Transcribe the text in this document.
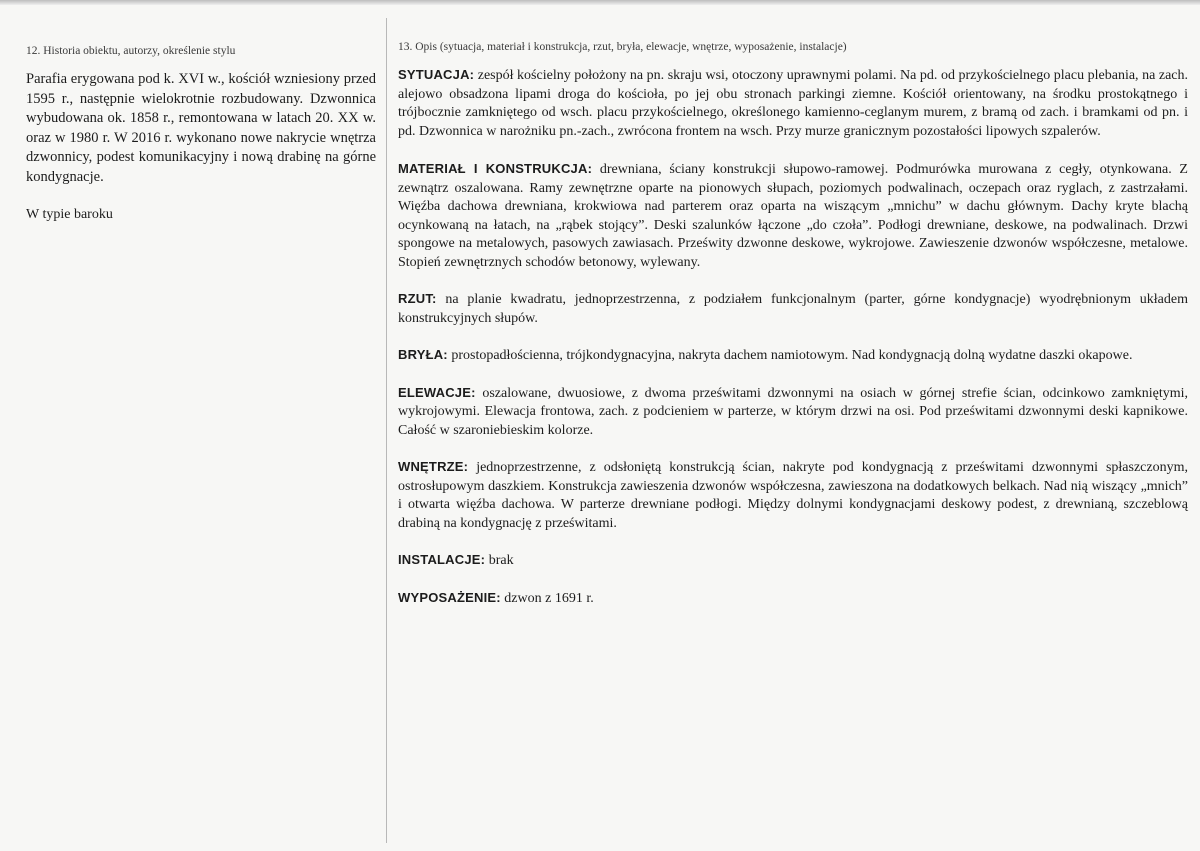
12. Historia obiektu, autorzy, określenie stylu

Parafia erygowana pod k. XVI w., kościół wzniesiony przed 1595 r., następnie wielokrotnie rozbudowany. Dzwonnica wybudowana ok. 1858 r., remontowana w latach 20. XX w. oraz w 1980 r. W 2016 r. wykonano nowe nakrycie wnętrza dzwonnicy, podest komunikacyjny i nową drabinę na górne kondygnacje.

W typie baroku

13. Opis (sytuacja, materiał i konstrukcja, rzut, bryła, elewacje, wnętrze, wyposażenie, instalacje)

SYTUACJA: zespół kościelny położony na pn. skraju wsi, otoczony uprawnymi polami. Na pd. od przykościelnego placu plebania, na zach. alejowo obsadzona lipami droga do kościoła, po jej obu stronach parkingi ziemne. Kościół orientowany, na środku prostokątnego i trójbocznie zamkniętego od wsch. placu przykościelnego, określonego kamienno-ceglanym murem, z bramą od zach. i bramkami od pn. i pd. Dzwonnica w narożniku pn.-zach., zwrócona frontem na wsch. Przy murze granicznym pozostałości lipowych szpalerów.

MATERIAŁ I KONSTRUKCJA: drewniana, ściany konstrukcji słupowo-ramowej. Podmurówka murowana z cegły, otynkowana. Z zewnątrz oszalowana. Ramy zewnętrzne oparte na pionowych słupach, poziomych podwalinach, oczepach oraz ryglach, z zastrzałami. Więźba dachowa drewniana, krokwiowa nad parterem oraz oparta na wiszącym „mnichu” w dachu głównym. Dachy kryte blachą ocynkowaną na łatach, na „rąbek stojący”. Deski szalunków łączone „do czoła”. Podłogi drewniane, deskowe, na podwalinach. Drzwi spongowe na metalowych, pasowych zawiasach. Prześwity dzwonne deskowe, wykrojowe. Zawieszenie dzwonów współczesne, metalowe. Stopień zewnętrznych schodów betonowy, wylewany.

RZUT: na planie kwadratu, jednoprzestrzenna, z podziałem funkcjonalnym (parter, górne kondygnacje) wyodrębnionym układem konstrukcyjnych słupów.

BRYŁA: prostopadłościenna, trójkondygnacyjna, nakryta dachem namiotowym. Nad kondygnacją dolną wydatne daszki okapowe.

ELEWACJE: oszalowane, dwuosiowe, z dwoma prześwitami dzwonnymi na osiach w górnej strefie ścian, odcinkowo zamkniętymi, wykrojowymi. Elewacja frontowa, zach. z podcieniem w parterze, w którym drzwi na osi. Pod prześwitami dzwonnymi deski kapnikowe. Całość w szaroniebieskim kolorze.

WNĘTRZE: jednoprzestrzenne, z odsłoniętą konstrukcją ścian, nakryte pod kondygnacją z prześwitami dzwonnymi spłaszczonym, ostrosłupowym daszkiem. Konstrukcja zawieszenia dzwonów współczesna, zawieszona na dodatkowych belkach. Nad nią wiszący „mnich” i otwarta więźba dachowa. W parterze drewniane podłogi. Między dolnymi kondygnacjami deskowy podest, z drewnianą, szczeblową drabiną na kondygnację z prześwitami.

INSTALACJE: brak

WYPOSAŻENIE: dzwon z 1691 r.
